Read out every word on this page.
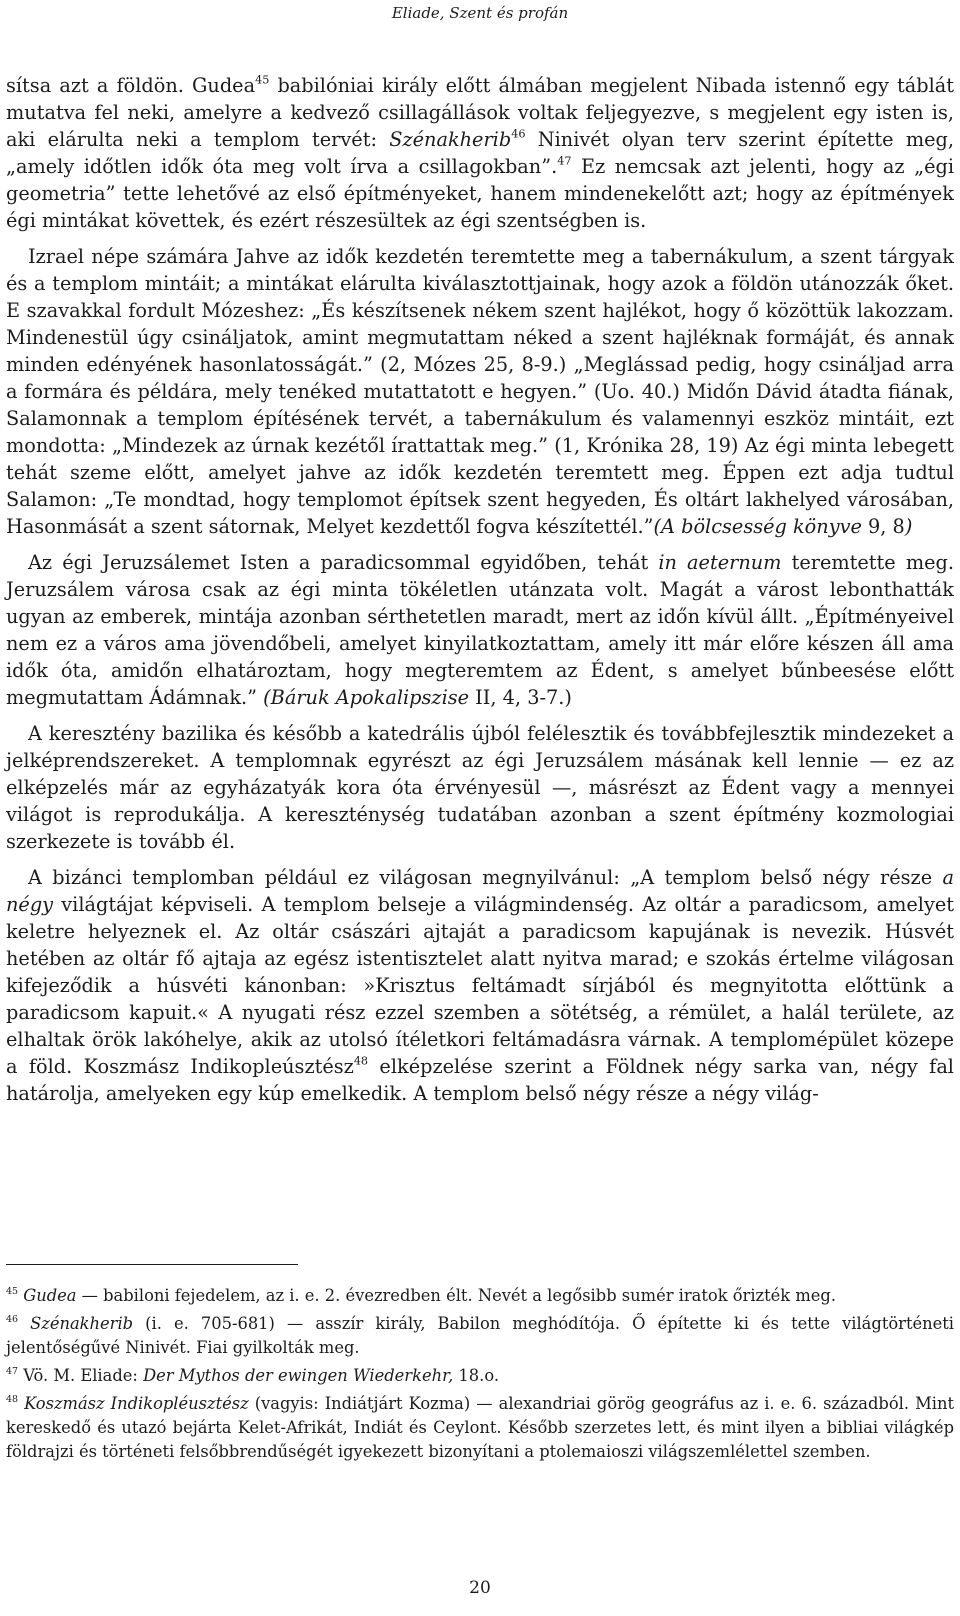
Eliade, Szent és profán

sítsa azt a földön. Gudea$^{45}$ babilóniai király előtt álmában megjelent Nibada istennő egy táblát mutatva fel neki, amelyre a kedvező csillagállások voltak feljegyezve, s megjelent egy isten is, aki elárulta neki a templom tervét: Szénakherib$^{46}$ Ninivét olyan terv szerint építette meg, „amely időtlen idők óta meg volt írva a csillagokban”.$^{47}$ Ez nemcsak azt jelenti, hogy az „égi geometria” tette lehetővé az első építményeket, hanem mindenekelőtt azt; hogy az építmények égi mintákat követtek, és ezért részesültek az égi szentségben is.

Izrael népe számára Jahve az idők kezdetén teremtette meg a tabernákulum, a szent tárgyak és a templom mintáit; a mintákat elárulta kiválasztottjainak, hogy azok a földön utánozzák őket. E szavakkal fordult Mózeshez: „És készítsenek nékem szent hajlékot, hogy ő közöttük lakozzam. Mindenestül úgy csináljatok, amint megmutattam néked a szent hajléknak formáját, és annak minden edényének hasonlatosságát.” (2, Mózes 25, 8-9.) „Meglássad pedig, hogy csináljad arra a formára és példára, mely tenéked mutattatott e hegyen.” (Uo. 40.) Midőn Dávid átadta fiának, Salamonnak a templom építésének tervét, a tabernákulum és valamennyi eszköz mintáit, ezt mondotta: „Mindezek az úrnak kezétől írattattak meg.” (1, Krónika 28, 19) Az égi minta lebegett tehát szeme előtt, amelyet jahve az idők kezdetén teremtett meg. Éppen ezt adja tudtul Salamon: „Te mondtad, hogy templomot építsek szent hegyeden, És oltárt lakhelyed városában, Hasonmását a szent sátornak, Melyet kezdettől fogva készítettél.”(A bölcsesség könyve 9, 8)

Az égi Jeruzsálemet Isten a paradicsommal egyidőben, tehát in aeternum teremtette meg. Jeruzsálem városa csak az égi minta tökéletlen utánzata volt. Magát a várost lebonthatták ugyan az emberek, mintája azonban sérthetetlen maradt, mert az időn kívül állt. „Építményeivel nem ez a város ama jövendőbeli, amelyet kinyilatkoztattam, amely itt már előre készen áll ama idők óta, amidőn elhatároztam, hogy megteremtem az Édent, s amelyet bűnbeesése előtt megmutattam Ádámnak.” (Báruk Apokalipszise II, 4, 3-7.)

A keresztény bazilika és később a katedrális újból felélesztik és továbbfejlesztik mindezeket a jelképrendszereket. A templomnak egyrészt az égi Jeruzsálem másának kell lennie — ez az elképzelés már az egyházatyák kora óta érvényesül —, másrészt az Édent vagy a mennyei világot is reprodukálja. A kereszténység tudatában azonban a szent építmény kozmologiai szerkezete is tovább él.

A bizánci templomban például ez világosan megnyilvánul: „A templom belső négy része a négy világtájat képviseli. A templom belseje a világmindenség. Az oltár a paradicsom, amelyet keletre helyeznek el. Az oltár császári ajtaját a paradicsom kapujának is nevezik. Húsvét hetében az oltár fő ajtaja az egész istentisztelet alatt nyitva marad; e szokás értelme világosan kifejeződik a húsvéti kánonban: »Krisztus feltámadt sírjából és megnyitotta előttünk a paradicsom kapuit.« A nyugati rész ezzel szemben a sötétség, a rémület, a halál területe, az elhaltak örök lakóhelye, akik az utolsó ítéletkori feltámadásra várnak. A templomépület közepe a föld. Koszmász Indikopleúsztész$^{48}$ elképzelése szerint a Földnek négy sarka van, négy fal határolja, amelyeken egy kúp emelkedik. A templom belső négy része a négy világ-

$^{45}$ Gudea — babiloni fejedelem, az i. e. 2. évezredben élt. Nevét a legősibb sumér iratok őrizték meg.

$^{46}$ Szénakherib (i. e. 705-681) — asszír király, Babilon meghódítója. Ő építette ki és tette világtörténeti jelentőségűvé Ninivét. Fiai gyilkolták meg.

$^{47}$ Vö. M. Eliade: Der Mythos der ewingen Wiederkehr, 18.o.

$^{48}$ Koszmász Indikopléusztész (vagyis: Indiátjárt Kozma) — alexandriai görög geográfus az i. e. 6. századból. Mint kereskedő és utazó bejárta Kelet-Afrikát, Indiát és Ceylont. Később szerzetes lett, és mint ilyen a bibliai világkép földrajzi és történeti felsőbbrendűségét igyekezett bizonyítani a ptolemaioszi világszemlélettel szemben.

20
